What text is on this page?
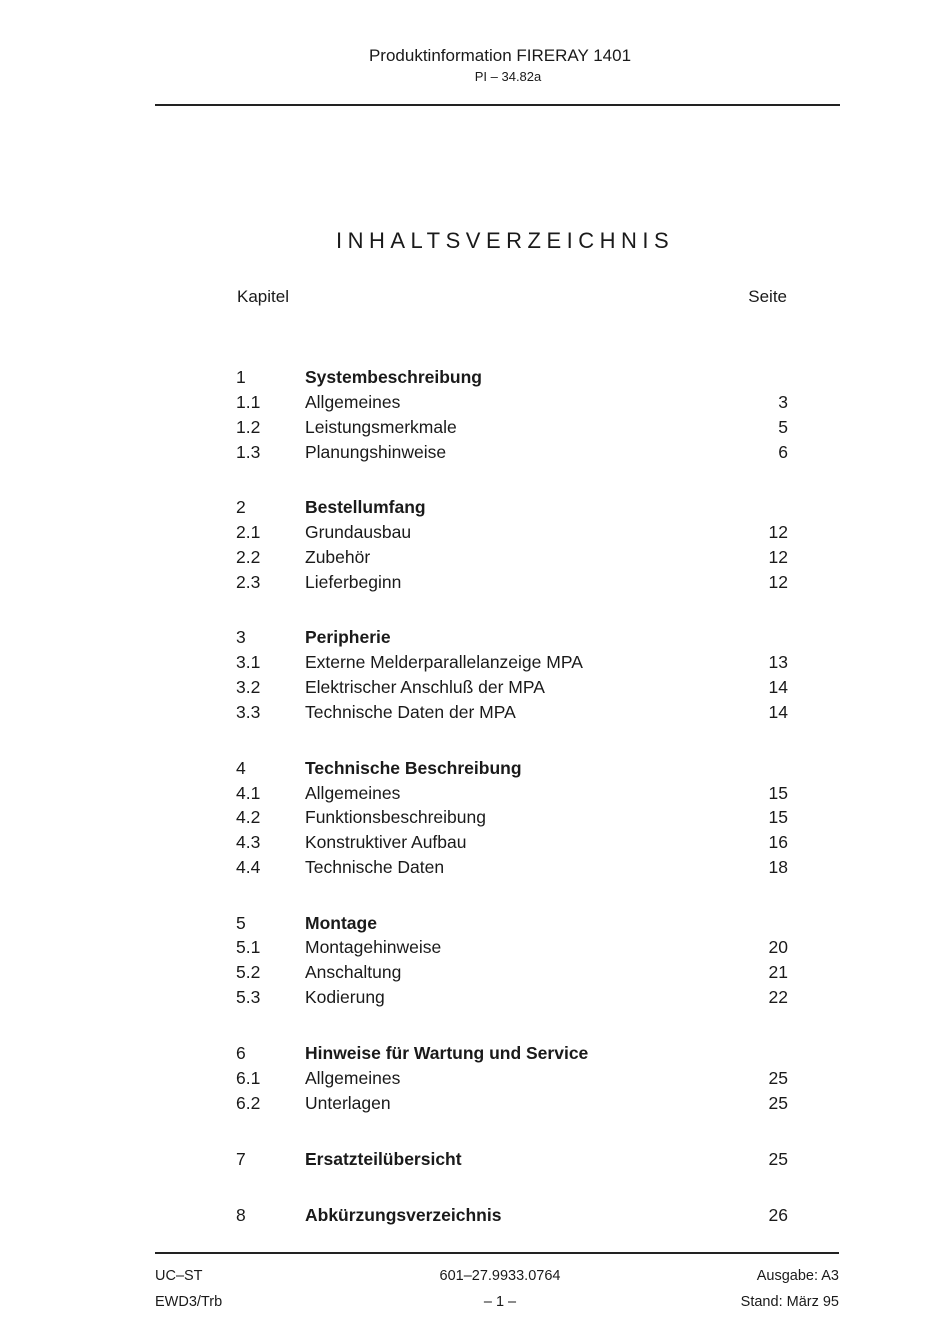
Produktinformation FIRERAY 1401
PI – 34.82a
INHALTSVERZEICHNIS
Kapitel	Seite
1	Systembeschreibung
1.1	Allgemeines	3
1.2	Leistungsmerkmale	5
1.3	Planungshinweise	6
2	Bestellumfang
2.1	Grundausbau	12
2.2	Zubehör	12
2.3	Lieferbeginn	12
3	Peripherie
3.1	Externe Melderparallelanzeige MPA	13
3.2	Elektrischer Anschluß der MPA	14
3.3	Technische Daten der MPA	14
4	Technische Beschreibung
4.1	Allgemeines	15
4.2	Funktionsbeschreibung	15
4.3	Konstruktiver Aufbau	16
4.4	Technische Daten	18
5	Montage
5.1	Montagehinweise	20
5.2	Anschaltung	21
5.3	Kodierung	22
6	Hinweise für Wartung und Service
6.1	Allgemeines	25
6.2	Unterlagen	25
7	Ersatzteilübersicht	25
8	Abkürzungsverzeichnis	26
UC–ST
EWD3/Trb
601–27.9933.0764
– 1 –
Ausgabe: A3
Stand: März 95
